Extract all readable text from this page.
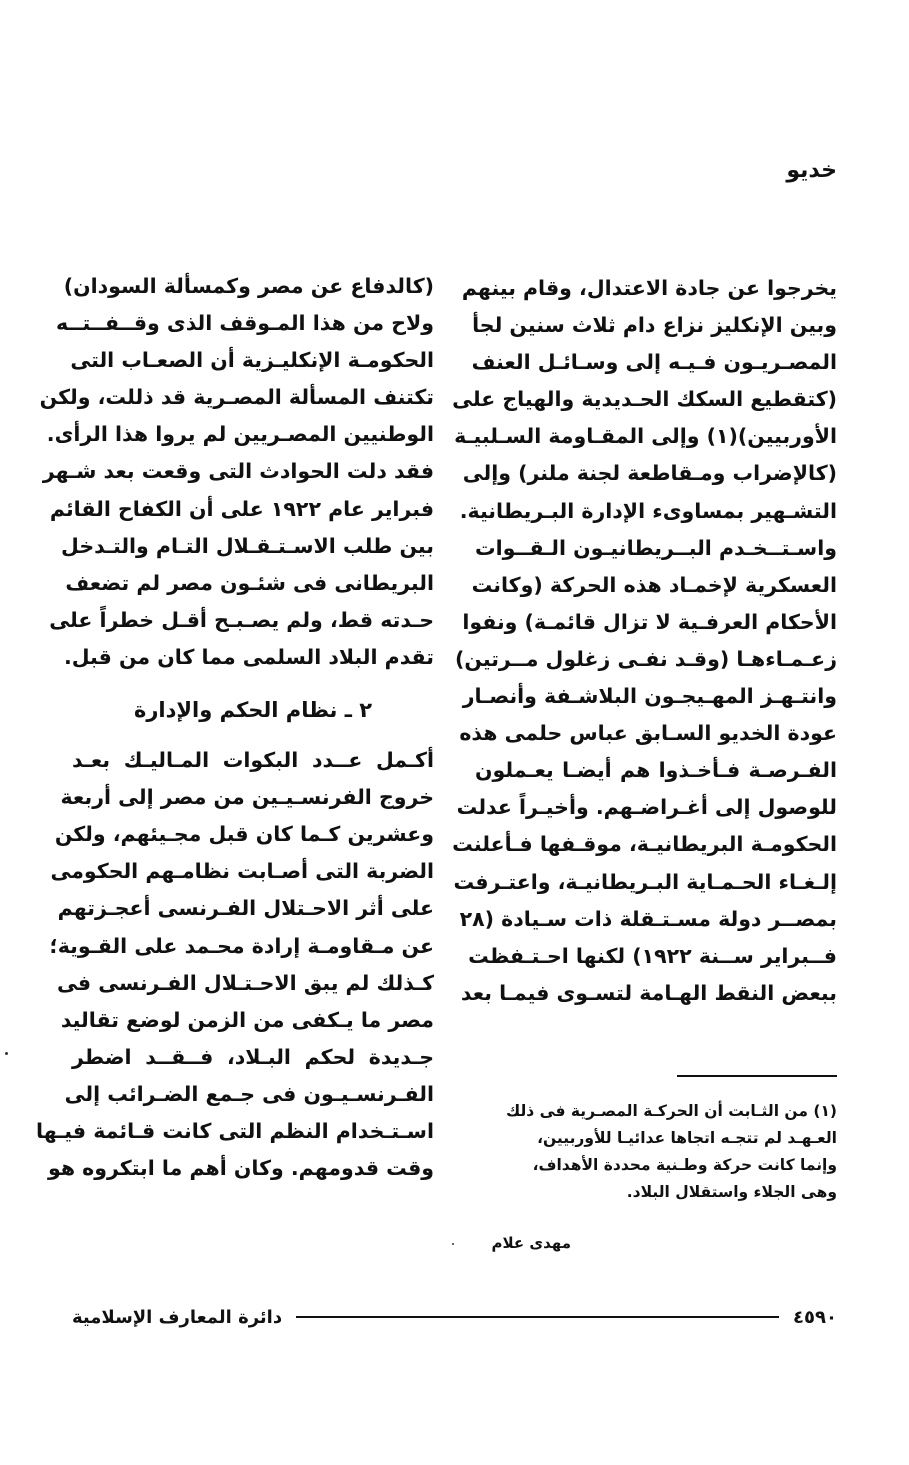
خديو
يخرجوا عن جادة الاعتدال، وقام بينهم
وبين الإنكليز نزاع دام ثلاث سنين لجأ
المصـريـون فـيـه إلى وسـائـل العنف
(كتقطيع السكك الحـديدية والهياج على
الأوربيين)(١) وإلى المقـاومة السـلبيـة
(كالإضراب ومـقاطعة لجنة ملنر) وإلى
التشـهير بمساوىء الإدارة البـريطانية.
واسـتــخـدم البــريطانيـون الـقــوات
العسكرية لإخمـاد هذه الحركة (وكانت
الأحكام العرفـية لا تزال قائمـة) ونفوا
زعـمـاءهـا (وقـد نفـى زغلول مــرتين)
وانتـهـز المهـيجـون البلاشـفة وأنصـار
عودة الخديو السـابق عباس حلمى هذه
الفـرصـة فـأخـذوا هم أيضـا يعـملون
للوصول إلى أغـراضـهم. وأخيـراً عدلت
الحكومـة البريطانيـة، موقـفها فـأعلنت
إلـغـاء الحـمـاية البـريطانيـة، واعتـرفت
بمصــر دولة مسـتـقلة ذات سـيادة (٢٨
فــبراير ســنة ١٩٢٢) لكنها احـتـفظت
ببعض النقط الهـامة لتسـوى فيمـا بعد
(كالدفاع عن مصر وكمسألة السودان)
ولاح من هذا المـوقف الذى وقــفــتــه
الحكومـة الإنكليـزية أن الصعـاب التى
تكتنف المسألة المصـرية قد ذللت، ولكن
الوطنيين المصـريين لم يروا هذا الرأى.
فقد دلت الحوادث التى وقعت بعد شـهر
فبراير عام ١٩٢٢ على أن الكفاح القائم
بين طلب الاسـتـقـلال التـام والتـدخل
البريطانى فى شئـون مصر لم تضعف
حـدته قط، ولم يصـبـح أقـل خطراً على
تقدم البلاد السلمى مما كان من قبل.
٢ ـ نظام الحكم والإدارة
أكـمل عــدد البكوات المـاليـك بعـد
خروج الفرنسـيـين من مصر إلى أربعة
وعشرين كـما كان قبل مجـيئهم، ولكن
الضربة التى أصـابت نظامـهم الحكومى
على أثر الاحـتلال الفـرنسى أعجـزتهم
عن مـقاومـة إرادة محـمد على القـوية؛
كـذلك لم يبق الاحـتـلال الفـرنسى فى
مصر ما يـكفى من الزمن لوضع تقاليد
جـديدة لحكم البـلاد، فــقــد اضطر
الفـرنسـيـون فى جـمع الضـرائب إلى
اسـتـخدام النظم التى كانت قـائمة فيـها
وقت قدومهم. وكان أهم ما ابتكروه هو
(١) من الثـابت أن الحركـة المصـرية فى ذلك
العـهـد لم تتجـه اتجاها عدائيـا للأوربيين،
وإنما كانت حركة وطـنية محددة الأهداف،
وهى الجلاء واستقلال البلاد.
مهدى علام
٤٥٩٠
دائرة المعارف الإسلامية
